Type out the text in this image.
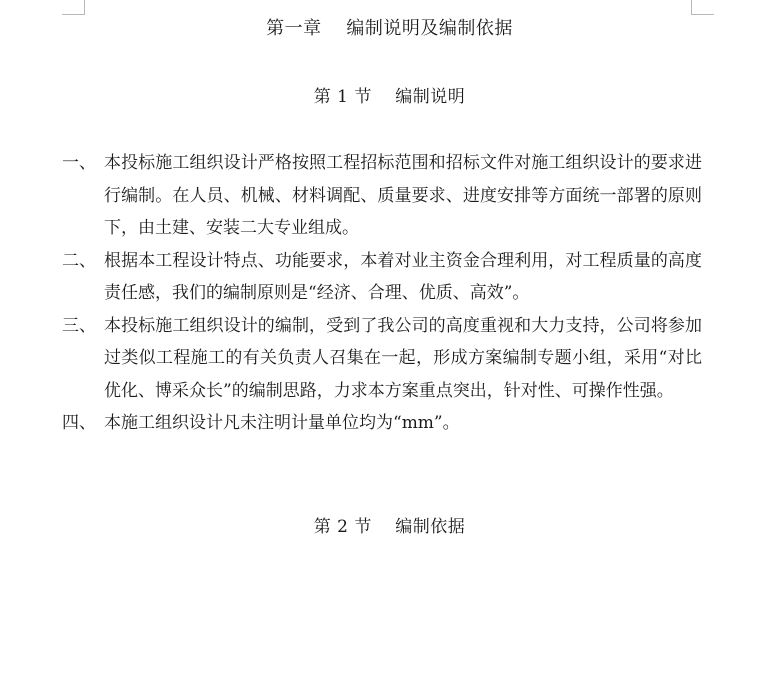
第一章　 编制说明及编制依据
第 1 节　 编制说明
一、 本投标施工组织设计严格按照工程招标范围和招标文件对施工组织设计的要求进行编制。在人员、机械、材料调配、质量要求、进度安排等方面统一部署的原则下，由土建、安装二大专业组成。
二、 根据本工程设计特点、功能要求，本着对业主资金合理利用，对工程质量的高度责任感，我们的编制原则是“经济、合理、优质、高效”。
三、 本投标施工组织设计的编制，受到了我公司的高度重视和大力支持，公司将参加过类似工程施工的有关负责人召集在一起，形成方案编制专题小组，采用“对比优化、博采众长”的编制思路，力求本方案重点突出，针对性、可操作性强。
四、 本施工组织设计凡未注明计量单位均为“mm”。
第 2 节　 编制依据
